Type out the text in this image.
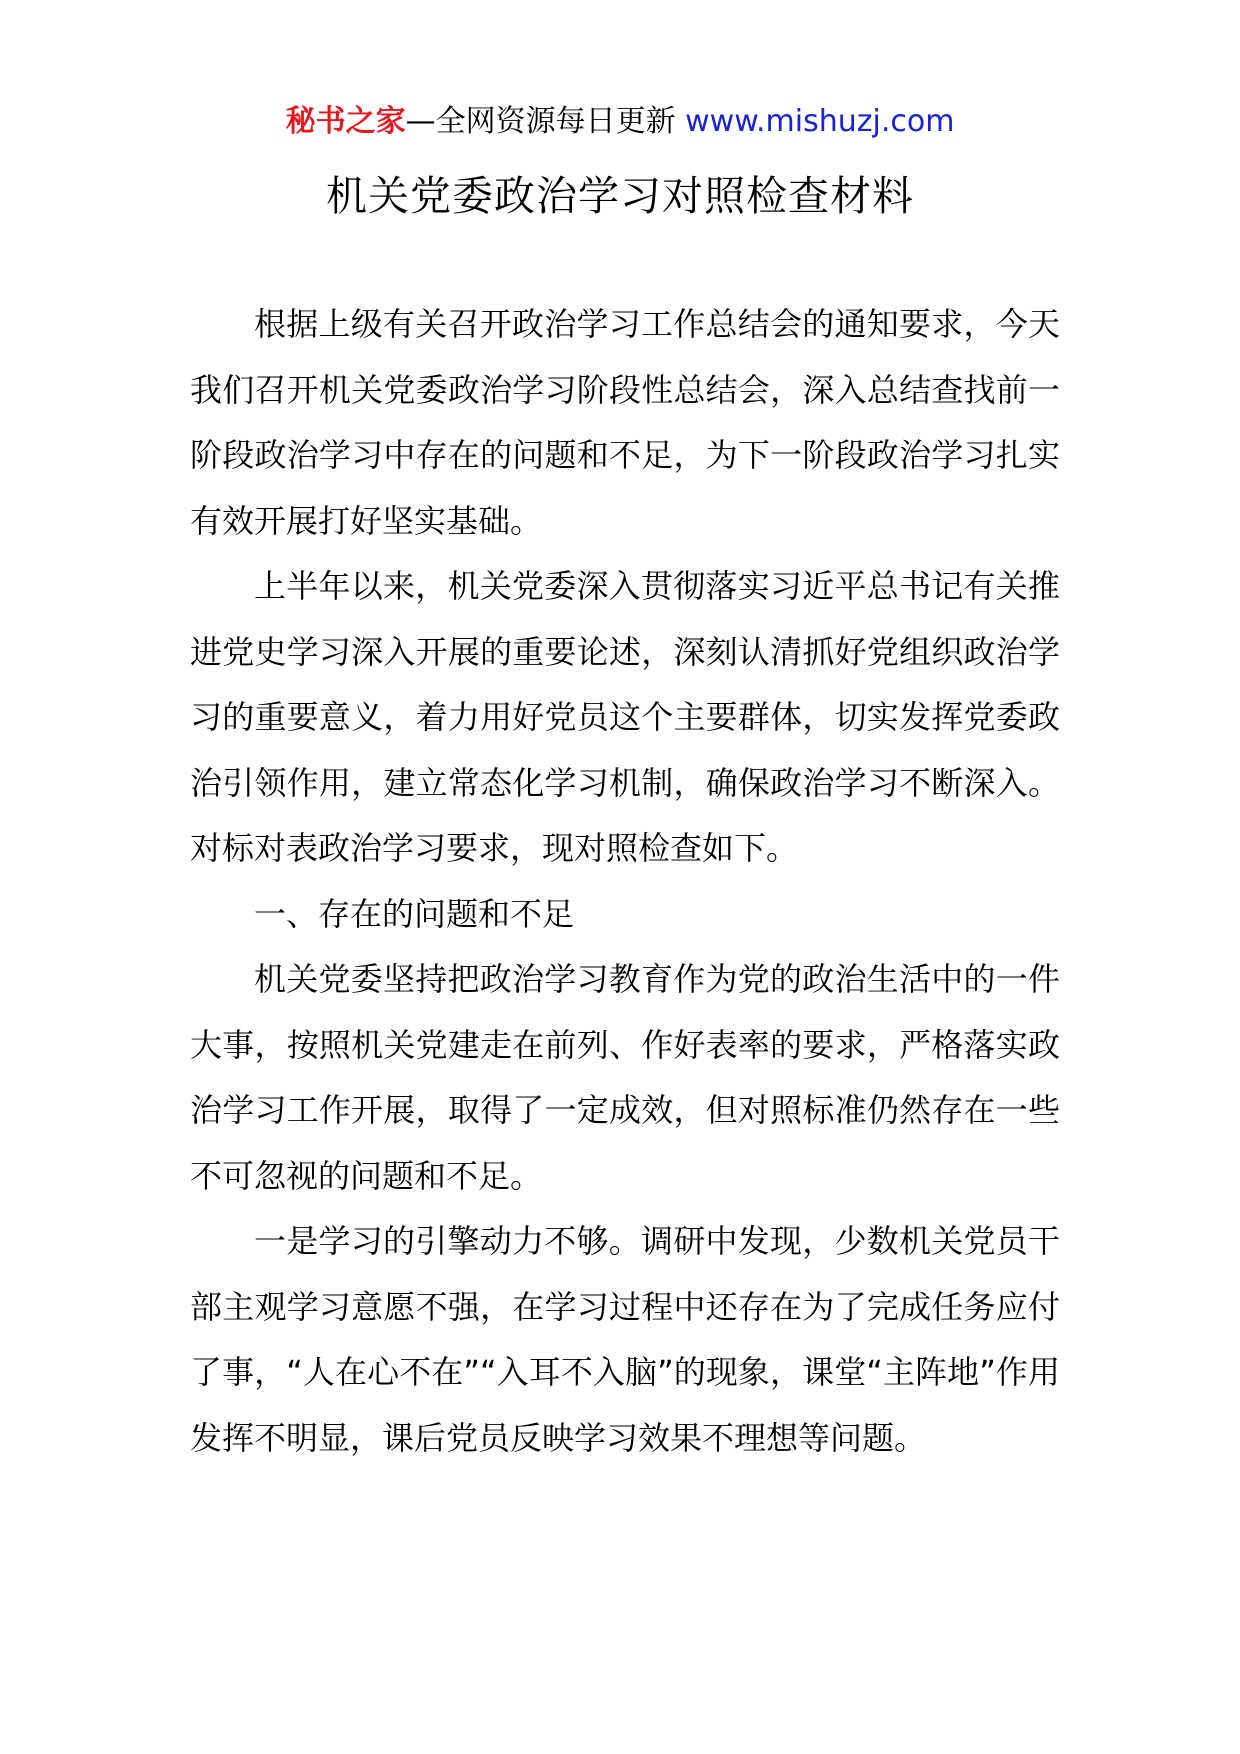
秘书之家—全网资源每日更新 www.mishuzj.com
机关党委政治学习对照检查材料

根据上级有关召开政治学习工作总结会的通知要求，今天我们召开机关党委政治学习阶段性总结会，深入总结查找前一阶段政治学习中存在的问题和不足，为下一阶段政治学习扎实有效开展打好坚实基础。

上半年以来，机关党委深入贯彻落实习近平总书记有关推进党史学习深入开展的重要论述，深刻认清抓好党组织政治学习的重要意义，着力用好党员这个主要群体，切实发挥党委政治引领作用，建立常态化学习机制，确保政治学习不断深入。对标对表政治学习要求，现对照检查如下。

一、存在的问题和不足

机关党委坚持把政治学习教育作为党的政治生活中的一件大事，按照机关党建走在前列、作好表率的要求，严格落实政治学习工作开展，取得了一定成效，但对照标准仍然存在一些不可忽视的问题和不足。

一是学习的引擎动力不够。调研中发现，少数机关党员干部主观学习意愿不强，在学习过程中还存在为了完成任务应付了事，“人在心不在”“入耳不入脑”的现象，课堂“主阵地”作用发挥不明显，课后党员反映学习效果不理想等问题。
